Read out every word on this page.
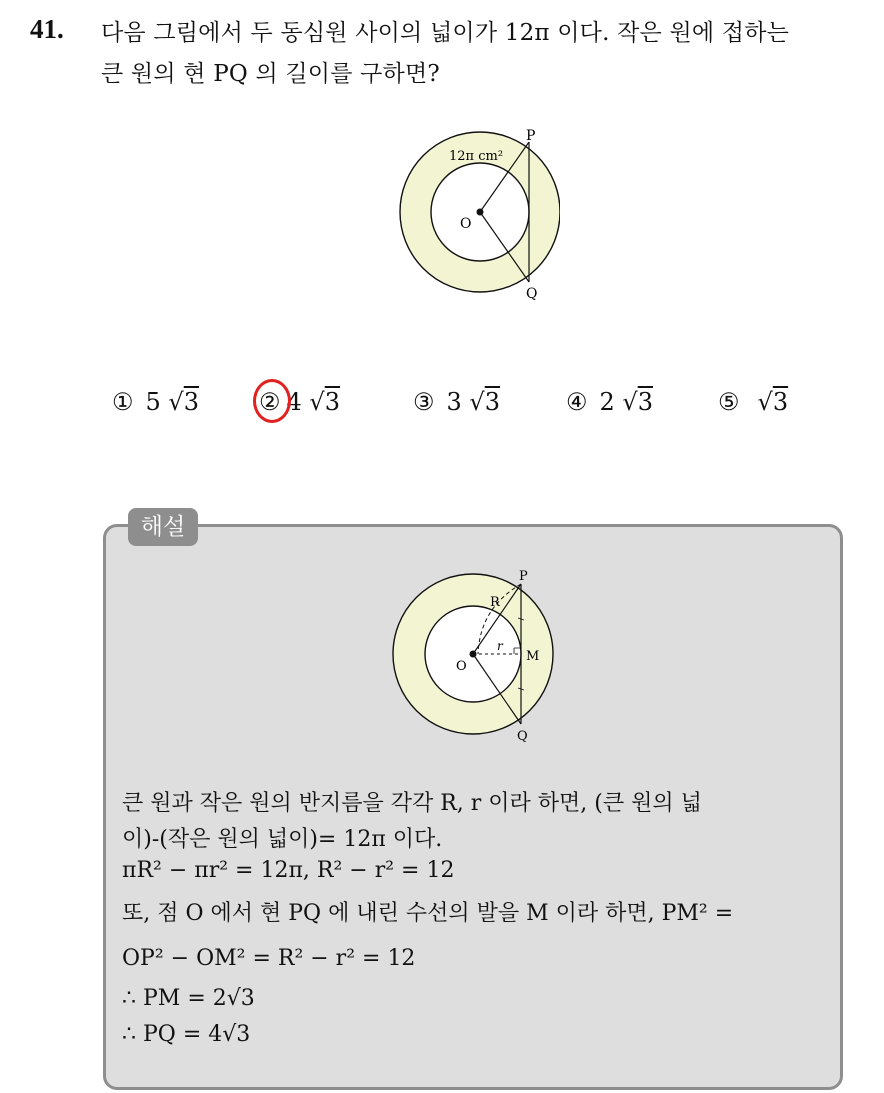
41. 다음 그림에서 두 동심원 사이의 넓이가 12π 이다. 작은 원에 접하는
큰 원의 현 PQ 의 길이를 구하면?
12π cm²
P
Q
O
① 5 √3	② 4 √3	③ 3 √3	④ 2 √3	⑤ √3
해설
P
Q
O
M
R
r
큰 원과 작은 원의 반지름을 각각 R, r 이라 하면, (큰 원의 넓
이)-(작은 원의 넓이)= 12π 이다.
πR² − πr² = 12π, R² − r² = 12
또, 점 O 에서 현 PQ 에 내린 수선의 발을 M 이라 하면, PM² =
OP² − OM² = R² − r² = 12
∴ PM = 2√3
∴ PQ = 4√3
